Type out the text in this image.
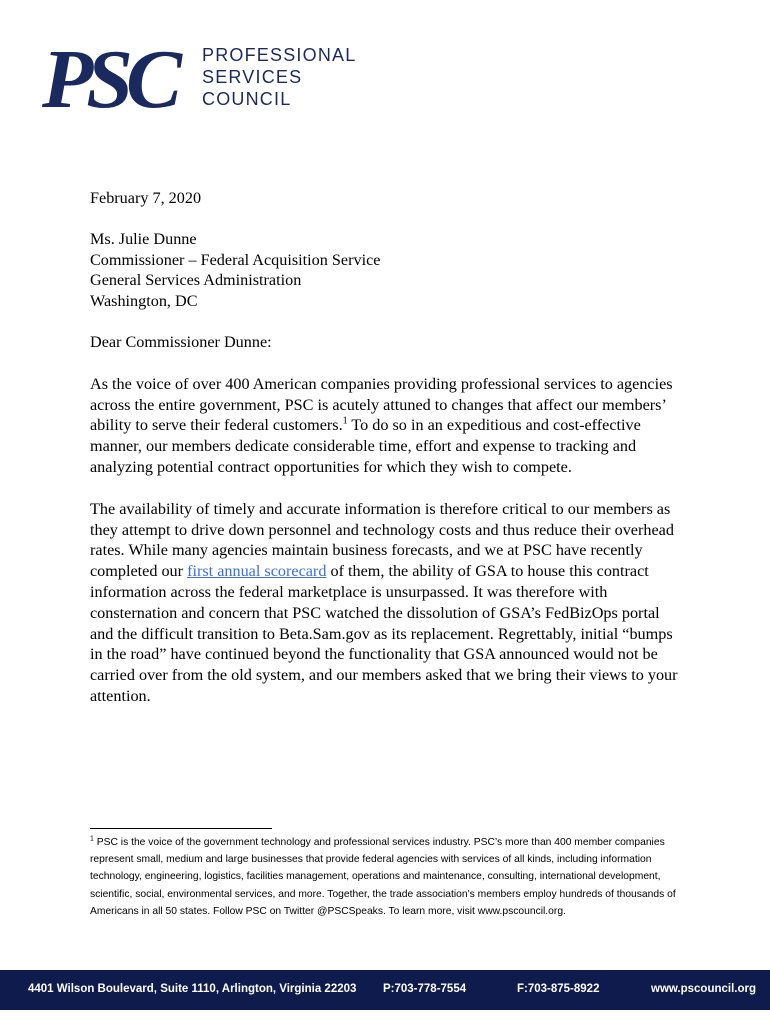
PSC PROFESSIONAL
SERVICES
COUNCIL

February 7, 2020

Ms. Julie Dunne

Commissioner – Federal Acquisition Service

General Services Administration

Washington, DC

Dear Commissioner Dunne:

As the voice of over 400 American companies providing professional services to agencies across the entire government, PSC is acutely attuned to changes that affect our members’ ability to serve their federal customers.$^1$ To do so in an expeditious and cost-effective manner, our members dedicate considerable time, effort and expense to tracking and analyzing potential contract opportunities for which they wish to compete.

The availability of timely and accurate information is therefore critical to our members as they attempt to drive down personnel and technology costs and thus reduce their overhead rates. While many agencies maintain business forecasts, and we at PSC have recently completed our first annual scorecard of them, the ability of GSA to house this contract information across the federal marketplace is unsurpassed. It was therefore with consternation and concern that PSC watched the dissolution of GSA’s FedBizOps portal and the difficult transition to Beta.Sam.gov as its replacement. Regrettably, initial “bumps in the road” have continued beyond the functionality that GSA announced would not be carried over from the old system, and our members asked that we bring their views to your attention.

$^1$ PSC is the voice of the government technology and professional services industry. PSC’s more than 400 member companies represent small, medium and large businesses that provide federal agencies with services of all kinds, including information technology, engineering, logistics, facilities management, operations and maintenance, consulting, international development, scientific, social, environmental services, and more. Together, the trade association’s members employ hundreds of thousands of Americans in all 50 states. Follow PSC on Twitter @PSCSpeaks. To learn more, visit www.pscouncil.org.
4401 Wilson Boulevard, Suite 1110, Arlington, Virginia 22203 P:703-778-7554	F:703-875-8922	www.pscouncil.org
